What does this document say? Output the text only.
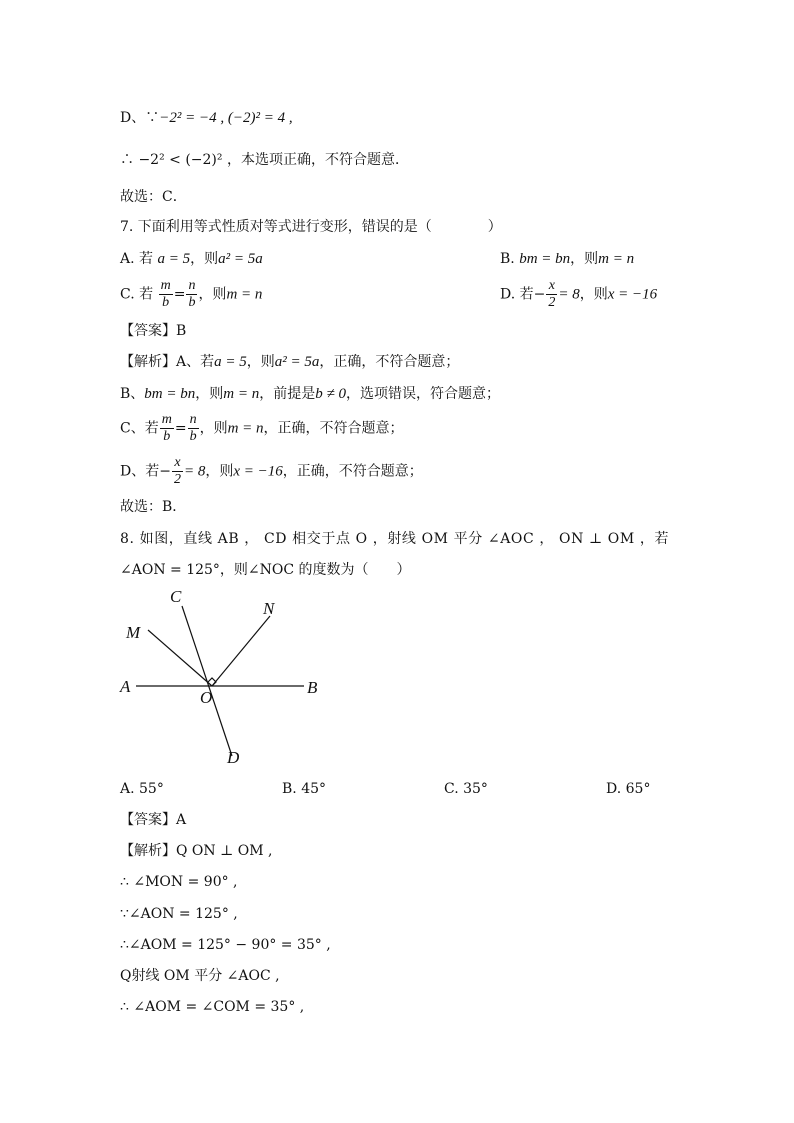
D、∵−2² = −4 , (−2)² = 4 ,
∴ −2² < (−2)² ，本选项正确，不符合题意．
故选：C．
7. 下面利用等式性质对等式进行变形，错误的是（　　　　）
A. 若 a = 5，则a² = 5a	B. bm = bn，则m = n
C. 若 $\frac{m}{b} = \frac{n}{b}$ ，则m = n	D. 若− $\frac{x}{2} = 8$，则x = −16
【答案】B
【解析】A、若a = 5，则a² = 5a，正确，不符合题意；
B、bm = bn，则m = n，前提是b ≠ 0，选项错误，符合题意；
C、若 $\frac{m}{b} = \frac{n}{b}$ ，则m = n，正确，不符合题意；
D、若− $\frac{x}{2} = 8$，则x = −16，正确，不符合题意；
故选：B．
8. 如图，直线 AB ， CD 相交于点 O ，射线 OM 平分 ∠AOC ， ON ⊥ OM ，若
∠AON = 125°，则∠NOC 的度数为（　　）
A	B
C
D
M
N
O
A. 55°	B. 45°	C. 35°	D. 65°
【答案】A
【解析】Q ON ⊥ OM ,
∴ ∠MON = 90° ,
∵∠AON = 125° ,
∴∠AOM = 125° − 90° = 35° ,
Q射线 OM 平分 ∠AOC ,
∴ ∠AOM = ∠COM = 35° ,
